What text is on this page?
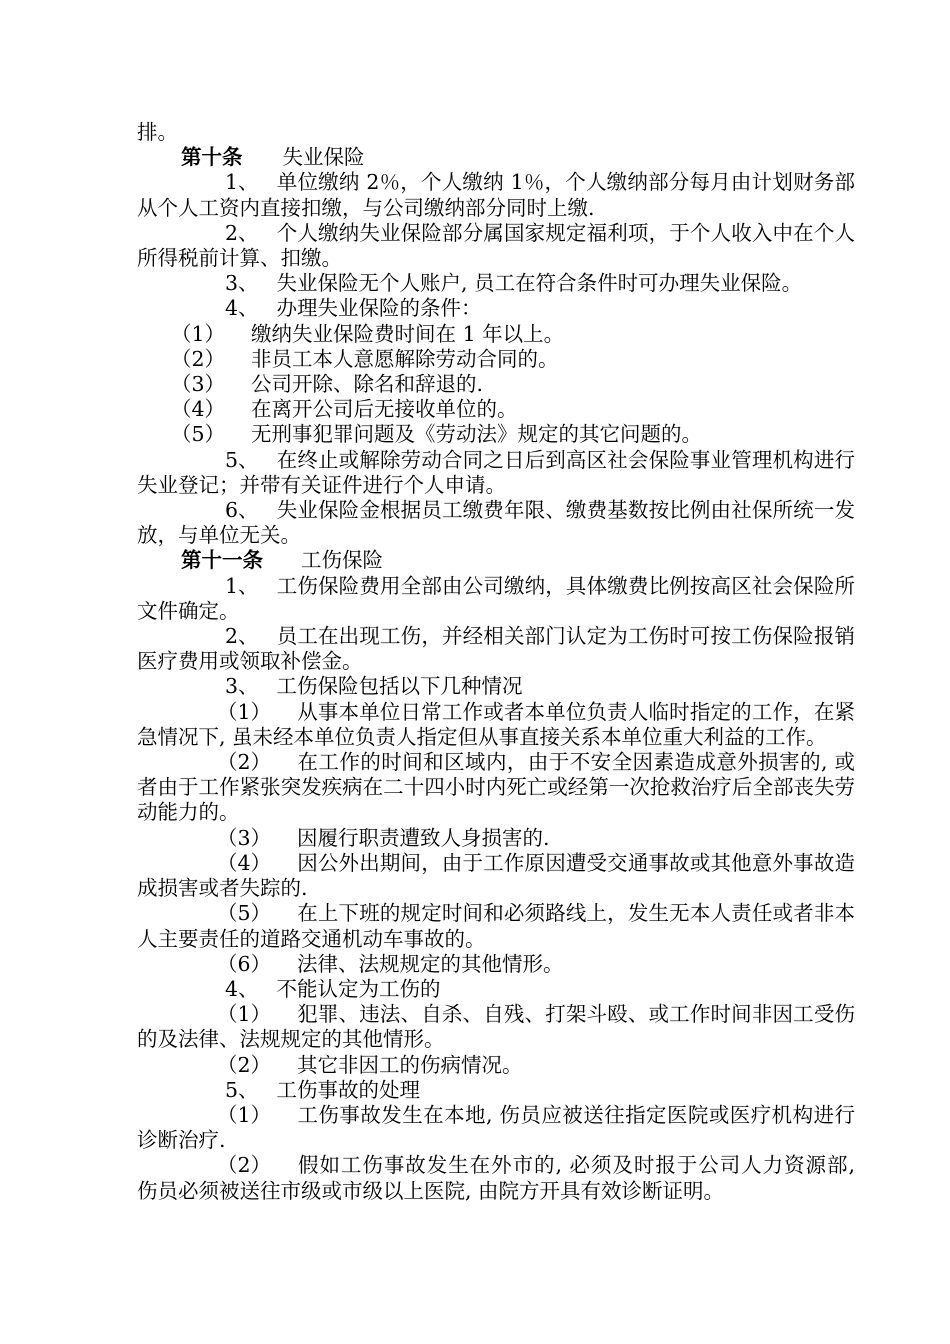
排。

第十条 失业保险

1、 单位缴纳 2％，个人缴纳 1％，个人缴纳部分每月由计划财务部从个人工资内直接扣缴，与公司缴纳部分同时上缴.

2、 个人缴纳失业保险部分属国家规定福利项，于个人收入中在个人所得税前计算、扣缴。

3、 失业保险无个人账户, 员工在符合条件时可办理失业保险。

4、 办理失业保险的条件：

（1） 缴纳失业保险费时间在 1 年以上。

（2） 非员工本人意愿解除劳动合同的。

（3） 公司开除、除名和辞退的.

（4） 在离开公司后无接收单位的。

（5） 无刑事犯罪问题及《劳动法》规定的其它问题的。

5、 在终止或解除劳动合同之日后到高区社会保险事业管理机构进行失业登记；并带有关证件进行个人申请。

6、 失业保险金根据员工缴费年限、缴费基数按比例由社保所统一发放，与单位无关。

第十一条 工伤保险

1、 工伤保险费用全部由公司缴纳，具体缴费比例按高区社会保险所文件确定。

2、 员工在出现工伤，并经相关部门认定为工伤时可按工伤保险报销医疗费用或领取补偿金。

3、 工伤保险包括以下几种情况

（1） 从事本单位日常工作或者本单位负责人临时指定的工作，在紧急情况下, 虽未经本单位负责人指定但从事直接关系本单位重大利益的工作。

（2） 在工作的时间和区域内，由于不安全因素造成意外损害的, 或者由于工作紧张突发疾病在二十四小时内死亡或经第一次抢救治疗后全部丧失劳动能力的。

（3） 因履行职责遭致人身损害的.

（4） 因公外出期间，由于工作原因遭受交通事故或其他意外事故造成损害或者失踪的.

（5） 在上下班的规定时间和必须路线上，发生无本人责任或者非本人主要责任的道路交通机动车事故的。

（6） 法律、法规规定的其他情形。

4、 不能认定为工伤的

（1） 犯罪、违法、自杀、自残、打架斗殴、或工作时间非因工受伤的及法律、法规规定的其他情形。

（2） 其它非因工的伤病情况。

5、 工伤事故的处理

（1） 工伤事故发生在本地, 伤员应被送往指定医院或医疗机构进行诊断治疗.

（2） 假如工伤事故发生在外市的, 必须及时报于公司人力资源部, 伤员必须被送往市级或市级以上医院, 由院方开具有效诊断证明。
